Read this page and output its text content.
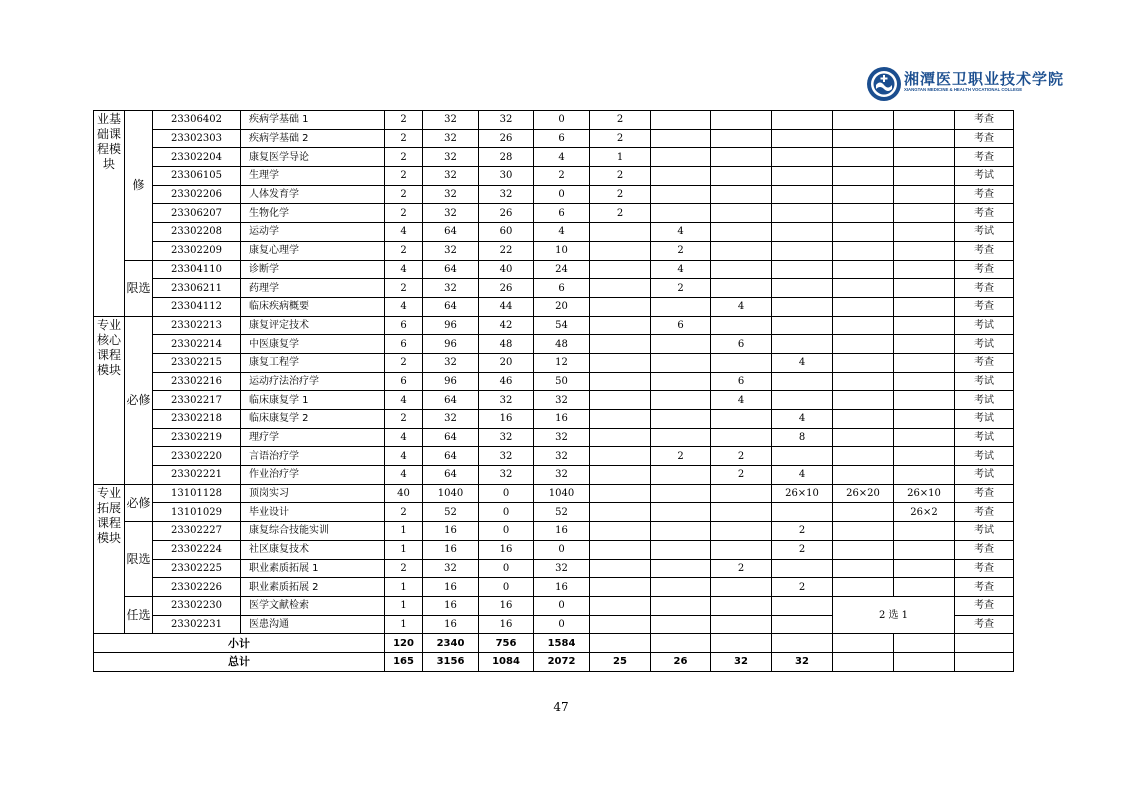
湘潭医卫职业技术学院
XIANGTAN MEDICINE & HEALTH VOCATIONAL COLLEGE
业基础课程模块	修	23306402	疾病学基础 1	2	32	32	0	2						考查
		23302303	疾病学基础 2	2	32	26	6	2						考查
		23302204	康复医学导论	2	32	28	4	1						考查
		23306105	生理学	2	32	30	2	2						考试
		23302206	人体发育学	2	32	32	0	2						考查
		23306207	生物化学	2	32	26	6	2						考查
		23302208	运动学	4	64	60	4		4					考试
		23302209	康复心理学	2	32	22	10		2					考查
	限选	23304110	诊断学	4	64	40	24		4					考查
		23306211	药理学	2	32	26	6		2					考查
		23304112	临床疾病概要	4	64	44	20			4				考查
专业核心课程模块	必修	23302213	康复评定技术	6	96	42	54		6					考试
		23302214	中医康复学	6	96	48	48			6				考试
		23302215	康复工程学	2	32	20	12				4			考查
		23302216	运动疗法治疗学	6	96	46	50			6				考试
		23302217	临床康复学 1	4	64	32	32			4				考试
		23302218	临床康复学 2	2	32	16	16				4			考试
		23302219	理疗学	4	64	32	32				8			考试
		23302220	言语治疗学	4	64	32	32		2	2				考试
		23302221	作业治疗学	4	64	32	32			2	4			考试
专业拓展课程模块	必修	13101128	顶岗实习	40	1040	0	1040				26×10	26×20	26×10	考查
		13101029	毕业设计	2	52	0	52						26×2	考查
	限选	23302227	康复综合技能实训	1	16	0	16				2			考试
		23302224	社区康复技术	1	16	16	0				2			考查
		23302225	职业素质拓展 1	2	32	0	32			2				考查
		23302226	职业素质拓展 2	1	16	0	16				2			考查
	任选	23302230	医学文献检索	1	16	16	0					2 选 1		考查
		23302231	医患沟通	1	16	16	0							考查
小计				120	2340	756	1584							
总计				165	3156	1084	2072	25	26	32	32			
47
